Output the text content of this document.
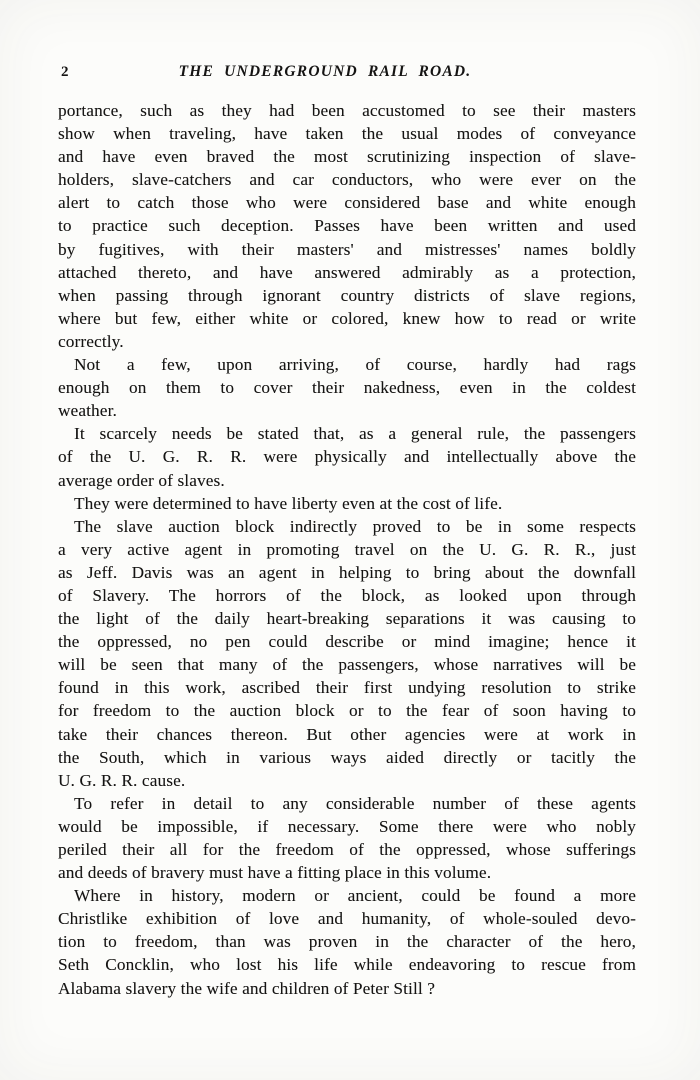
2	THE UNDERGROUND RAIL ROAD.
portance, such as they had been accustomed to see their masters
show when traveling, have taken the usual modes of conveyance
and have even braved the most scrutinizing inspection of slave-
holders, slave-catchers and car conductors, who were ever on the
alert to catch those who were considered base and white enough
to practice such deception. Passes have been written and used
by fugitives, with their masters' and mistresses' names boldly
attached thereto, and have answered admirably as a protection,
when passing through ignorant country districts of slave regions,
where but few, either white or colored, knew how to read or write
correctly.
Not a few, upon arriving, of course, hardly had rags
enough on them to cover their nakedness, even in the coldest
weather.
It scarcely needs be stated that, as a general rule, the passengers
of the U. G. R. R. were physically and intellectually above the
average order of slaves.
They were determined to have liberty even at the cost of life.
The slave auction block indirectly proved to be in some respects
a very active agent in promoting travel on the U. G. R. R., just
as Jeff. Davis was an agent in helping to bring about the downfall
of Slavery. The horrors of the block, as looked upon through
the light of the daily heart-breaking separations it was causing to
the oppressed, no pen could describe or mind imagine; hence it
will be seen that many of the passengers, whose narratives will be
found in this work, ascribed their first undying resolution to strike
for freedom to the auction block or to the fear of soon having to
take their chances thereon. But other agencies were at work in
the South, which in various ways aided directly or tacitly the
U. G. R. R. cause.
To refer in detail to any considerable number of these agents
would be impossible, if necessary. Some there were who nobly
periled their all for the freedom of the oppressed, whose sufferings
and deeds of bravery must have a fitting place in this volume.
Where in history, modern or ancient, could be found a more
Christlike exhibition of love and humanity, of whole-souled devo-
tion to freedom, than was proven in the character of the hero,
Seth Concklin, who lost his life while endeavoring to rescue from
Alabama slavery the wife and children of Peter Still ?
